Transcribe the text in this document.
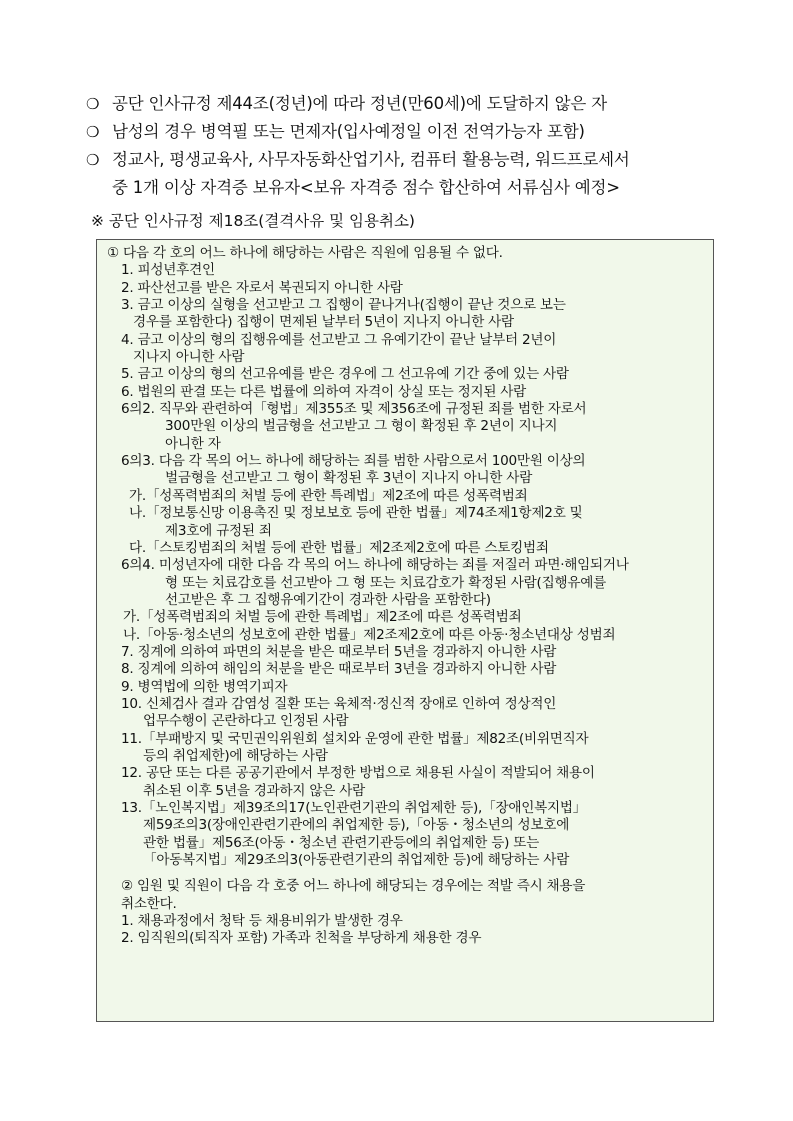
❍ 공단 인사규정 제44조(정년)에 따라 정년(만60세)에 도달하지 않은 자
❍ 남성의 경우 병역필 또는 면제자(입사예정일 이전 전역가능자 포함)
❍ 정교사, 평생교육사, 사무자동화산업기사, 컴퓨터 활용능력, 워드프로세서
중 1개 이상 자격증 보유자<보유 자격증 점수 합산하여 서류심사 예정>
※ 공단 인사규정 제18조(결격사유 및 임용취소)
① 다음 각 호의 어느 하나에 해당하는 사람은 직원에 임용될 수 없다.
1. 피성년후견인
2. 파산선고를 받은 자로서 복권되지 아니한 사람
3. 금고 이상의 실형을 선고받고 그 집행이 끝나거나(집행이 끝난 것으로 보는
경우를 포함한다) 집행이 면제된 날부터 5년이 지나지 아니한 사람
4. 금고 이상의 형의 집행유예를 선고받고 그 유예기간이 끝난 날부터 2년이
지나지 아니한 사람
5. 금고 이상의 형의 선고유예를 받은 경우에 그 선고유예 기간 중에 있는 사람
6. 법원의 판결 또는 다른 법률에 의하여 자격이 상실 또는 정지된 사람
6의2. 직무와 관련하여「형법」제355조 및 제356조에 규정된 죄를 범한 자로서
300만원 이상의 벌금형을 선고받고 그 형이 확정된 후 2년이 지나지
아니한 자
6의3. 다음 각 목의 어느 하나에 해당하는 죄를 범한 사람으로서 100만원 이상의
벌금형을 선고받고 그 형이 확정된 후 3년이 지나지 아니한 사람
가.「성폭력범죄의 처벌 등에 관한 특례법」제2조에 따른 성폭력범죄
나.「정보통신망 이용촉진 및 정보보호 등에 관한 법률」제74조제1항제2호 및
제3호에 규정된 죄
다.「스토킹범죄의 처벌 등에 관한 법률」제2조제2호에 따른 스토킹범죄
6의4. 미성년자에 대한 다음 각 목의 어느 하나에 해당하는 죄를 저질러 파면·해임되거나
형 또는 치료감호를 선고받아 그 형 또는 치료감호가 확정된 사람(집행유예를
선고받은 후 그 집행유예기간이 경과한 사람을 포함한다)
가.「성폭력범죄의 처벌 등에 관한 특례법」제2조에 따른 성폭력범죄
나.「아동·청소년의 성보호에 관한 법률」제2조제2호에 따른 아동·청소년대상 성범죄
7. 징계에 의하여 파면의 처분을 받은 때로부터 5년을 경과하지 아니한 사람
8. 징계에 의하여 해임의 처분을 받은 때로부터 3년을 경과하지 아니한 사람
9. 병역법에 의한 병역기피자
10. 신체검사 결과 감염성 질환 또는 육체적·정신적 장애로 인하여 정상적인
업무수행이 곤란하다고 인정된 사람
11.「부패방지 및 국민권익위원회 설치와 운영에 관한 법률」제82조(비위면직자
등의 취업제한)에 해당하는 사람
12. 공단 또는 다른 공공기관에서 부정한 방법으로 채용된 사실이 적발되어 채용이
취소된 이후 5년을 경과하지 않은 사람
13.「노인복지법」제39조의17(노인관련기관의 취업제한 등),「장애인복지법」
제59조의3(장애인관련기관에의 취업제한 등),「아동・청소년의 성보호에
관한 법률」제56조(아동・청소년 관련기관등에의 취업제한 등) 또는
「아동복지법」제29조의3(아동관련기관의 취업제한 등)에 해당하는 사람
② 임원 및 직원이 다음 각 호중 어느 하나에 해당되는 경우에는 적발 즉시 채용을
취소한다.
1. 채용과정에서 청탁 등 채용비위가 발생한 경우
2. 임직원의(퇴직자 포함) 가족과 친척을 부당하게 채용한 경우
